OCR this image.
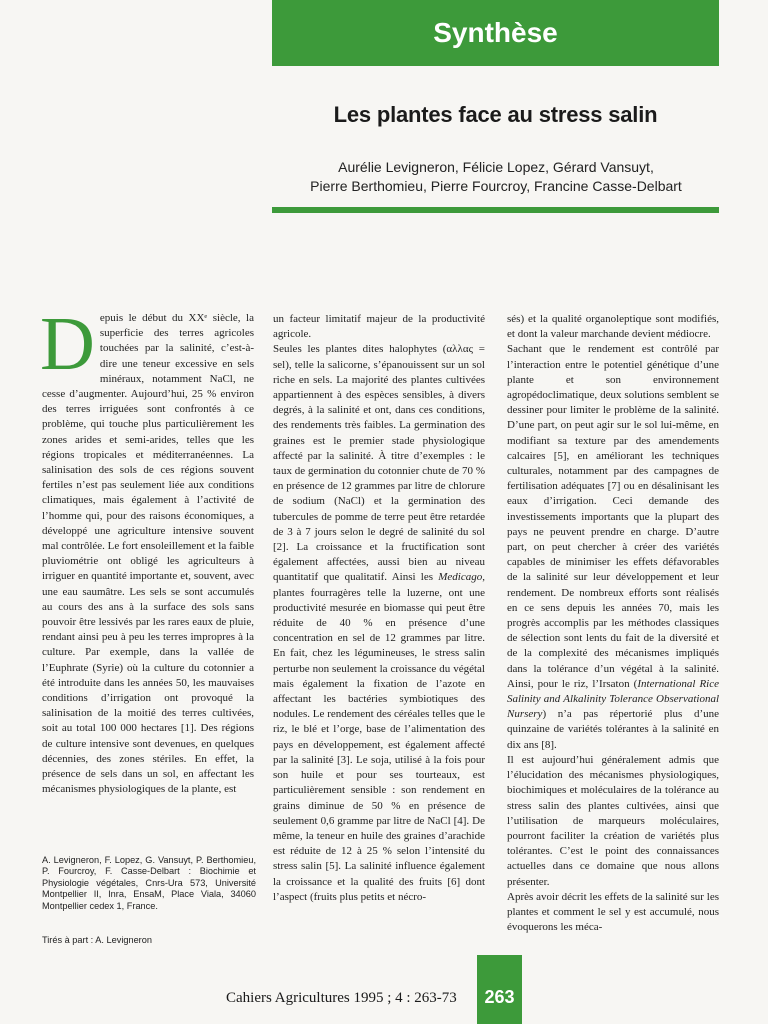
Synthèse
Les plantes face au stress salin
Aurélie Levigneron, Félicie Lopez, Gérard Vansuyt,
Pierre Berthomieu, Pierre Fourcroy, Francine Casse-Delbart
D epuis le début du XXᵉ siècle, la superficie des terres agricoles touchées par la salinité, c’est-à-dire une teneur excessive en sels minéraux, notamment NaCl, ne cesse d’augmenter. Aujourd’hui, 25 % environ des terres irriguées sont confrontés à ce problème, qui touche plus particulièrement les zones arides et semi-arides, telles que les régions tropicales et méditerranéennes. La salinisation des sols de ces régions souvent fertiles n’est pas seulement liée aux conditions climatiques, mais également à l’activité de l’homme qui, pour des raisons économiques, a développé une agriculture intensive souvent mal contrôlée. Le fort ensoleillement et la faible pluviométrie ont obligé les agriculteurs à irriguer en quantité importante et, souvent, avec une eau saumâtre. Les sels se sont accumulés au cours des ans à la surface des sols sans pouvoir être lessivés par les rares eaux de pluie, rendant ainsi peu à peu les terres impropres à la culture. Par exemple, dans la vallée de l’Euphrate (Syrie) où la culture du cotonnier a été introduite dans les années 50, les mauvaises conditions d’irrigation ont provoqué la salinisation de la moitié des terres cultivées, soit au total 100 000 hectares [1]. Des régions de culture intensive sont devenues, en quelques décennies, des zones stériles. En effet, la présence de sels dans un sol, en affectant les mécanismes physiologiques de la plante, est

un facteur limitatif majeur de la productivité agricole.

Seules les plantes dites halophytes (αλλας = sel), telle la salicorne, s’épanouissent sur un sol riche en sels. La majorité des plantes cultivées appartiennent à des espèces sensibles, à divers degrés, à la salinité et ont, dans ces conditions, des rendements très faibles. La germination des graines est le premier stade physiologique affecté par la salinité. À titre d’exemples : le taux de germination du cotonnier chute de 70 % en présence de 12 grammes par litre de chlorure de sodium (NaCl) et la germination des tubercules de pomme de terre peut être retardée de 3 à 7 jours selon le degré de salinité du sol [2]. La croissance et la fructification sont également affectées, aussi bien au niveau quantitatif que qualitatif. Ainsi les Medicago, plantes fourragères telle la luzerne, ont une productivité mesurée en biomasse qui peut être réduite de 40 % en présence d’une concentration en sel de 12 grammes par litre. En fait, chez les légumineuses, le stress salin perturbe non seulement la croissance du végétal mais également la fixation de l’azote en affectant les bactéries symbiotiques des nodules. Le rendement des céréales telles que le riz, le blé et l’orge, base de l’alimentation des pays en développement, est également affecté par la salinité [3]. Le soja, utilisé à la fois pour son huile et pour ses tourteaux, est particulièrement sensible : son rendement en grains diminue de 50 % en présence de seulement 0,6 gramme par litre de NaCl [4]. De même, la teneur en huile des graines d’arachide est réduite de 12 à 25 % selon l’intensité du stress salin [5]. La salinité influence également la croissance et la qualité des fruits [6] dont l’aspect (fruits plus petits et nécro-

sés) et la qualité organoleptique sont modifiés, et dont la valeur marchande devient médiocre.

Sachant que le rendement est contrôlé par l’interaction entre le potentiel génétique d’une plante et son environnement agropédoclimatique, deux solutions semblent se dessiner pour limiter le problème de la salinité. D’une part, on peut agir sur le sol lui-même, en modifiant sa texture par des amendements calcaires [5], en améliorant les techniques culturales, notamment par des campagnes de fertilisation adéquates [7] ou en désalinisant les eaux d’irrigation. Ceci demande des investissements importants que la plupart des pays ne peuvent prendre en charge. D’autre part, on peut chercher à créer des variétés capables de minimiser les effets défavorables de la salinité sur leur développement et leur rendement. De nombreux efforts sont réalisés en ce sens depuis les années 70, mais les progrès accomplis par les méthodes classiques de sélection sont lents du fait de la diversité et de la complexité des mécanismes impliqués dans la tolérance d’un végétal à la salinité. Ainsi, pour le riz, l’Irsaton (International Rice Salinity and Alkalinity Tolerance Observational Nursery) n’a pas répertorié plus d’une quinzaine de variétés tolérantes à la salinité en dix ans [8].

Il est aujourd’hui généralement admis que l’élucidation des mécanismes physiologiques, biochimiques et moléculaires de la tolérance au stress salin des plantes cultivées, ainsi que l’utilisation de marqueurs moléculaires, pourront faciliter la création de variétés plus tolérantes. C’est le point des connaissances actuelles dans ce domaine que nous allons présenter.

Après avoir décrit les effets de la salinité sur les plantes et comment le sel y est accumulé, nous évoquerons les méca-

A. Levigneron, F. Lopez, G. Vansuyt, P. Berthomieu, P. Fourcroy, F. Casse-Delbart : Biochimie et Physiologie végétales, Cnrs-Ura 573, Université Montpellier II, Inra, EnsaM, Place Viala, 34060 Montpellier cedex 1, France.
Tirés à part : A. Levigneron
Cahiers Agricultures 1995 ; 4 : 263-73	263
